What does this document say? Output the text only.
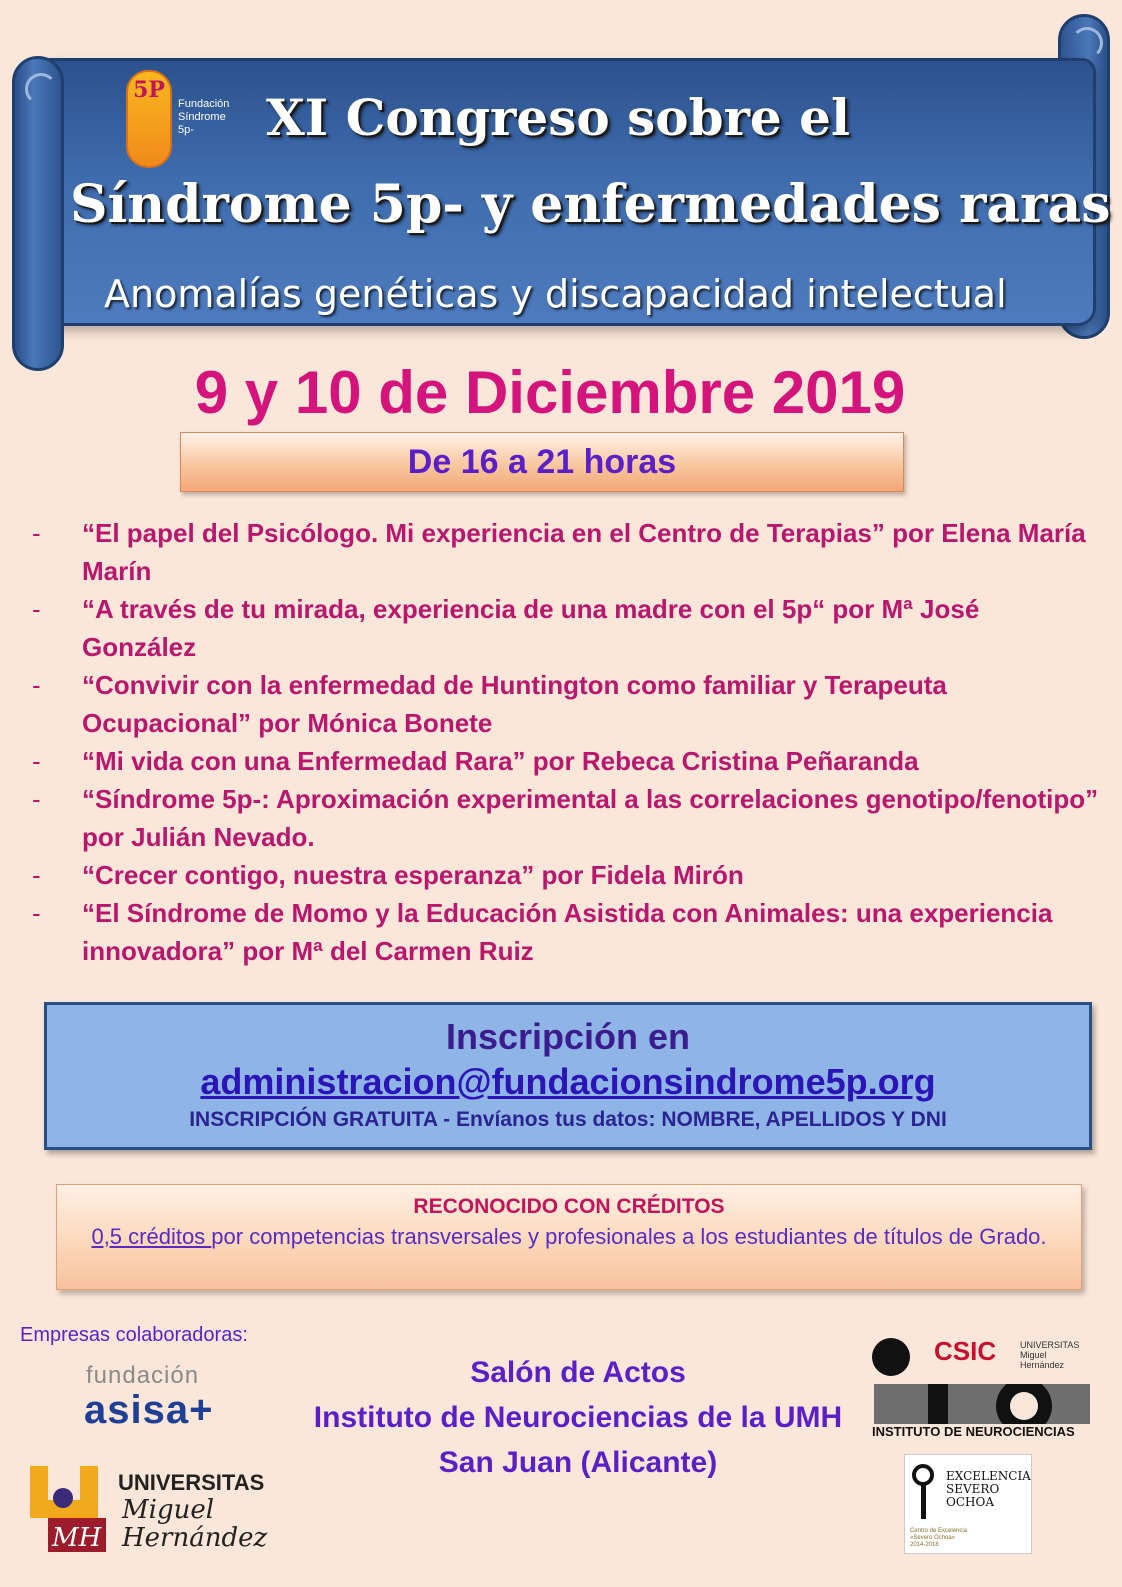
5P
Fundación
Síndrome
5p-	XI Congreso sobre el
Síndrome 5p- y enfermedades raras
Anomalías genéticas y discapacidad intelectual
9 y 10 de Diciembre 2019
De 16 a 21 horas
- “El papel del Psicólogo. Mi experiencia en el Centro de Terapias” por Elena María Marín
- “A través de tu mirada, experiencia de una madre con el 5p“ por Mª José González
- “Convivir con la enfermedad de Huntington como familiar y Terapeuta Ocupacional” por Mónica Bonete
- “Mi vida con una Enfermedad Rara” por Rebeca Cristina Peñaranda
- “Síndrome 5p-: Aproximación experimental a las correlaciones genotipo/fenotipo” por Julián Nevado.
- “Crecer contigo, nuestra esperanza” por Fidela Mirón
- “El Síndrome de Momo y la Educación Asistida con Animales: una experiencia innovadora” por Mª del Carmen Ruiz
Inscripción en
administracion@fundacionsindrome5p.org
INSCRIPCIÓN GRATUITA - Envíanos tus datos: NOMBRE, APELLIDOS Y DNI
RECONOCIDO CON CRÉDITOS
0,5 créditos por competencias transversales y profesionales a los estudiantes de títulos de Grado.
Empresas colaboradoras:
fundación
asisa+
MH
UNIVERSITAS
Miguel
Hernández
Salón de Actos
Instituto de Neurociencias de la UMH
San Juan (Alicante)
CSIC	UNIVERSITAS
Miguel
Hernández
INSTITUTO DE NEUROCIENCIAS
EXCELENCIA
SEVERO
OCHOA
Centro de Excelencia
«Severo Ochoa»
2014-2018
